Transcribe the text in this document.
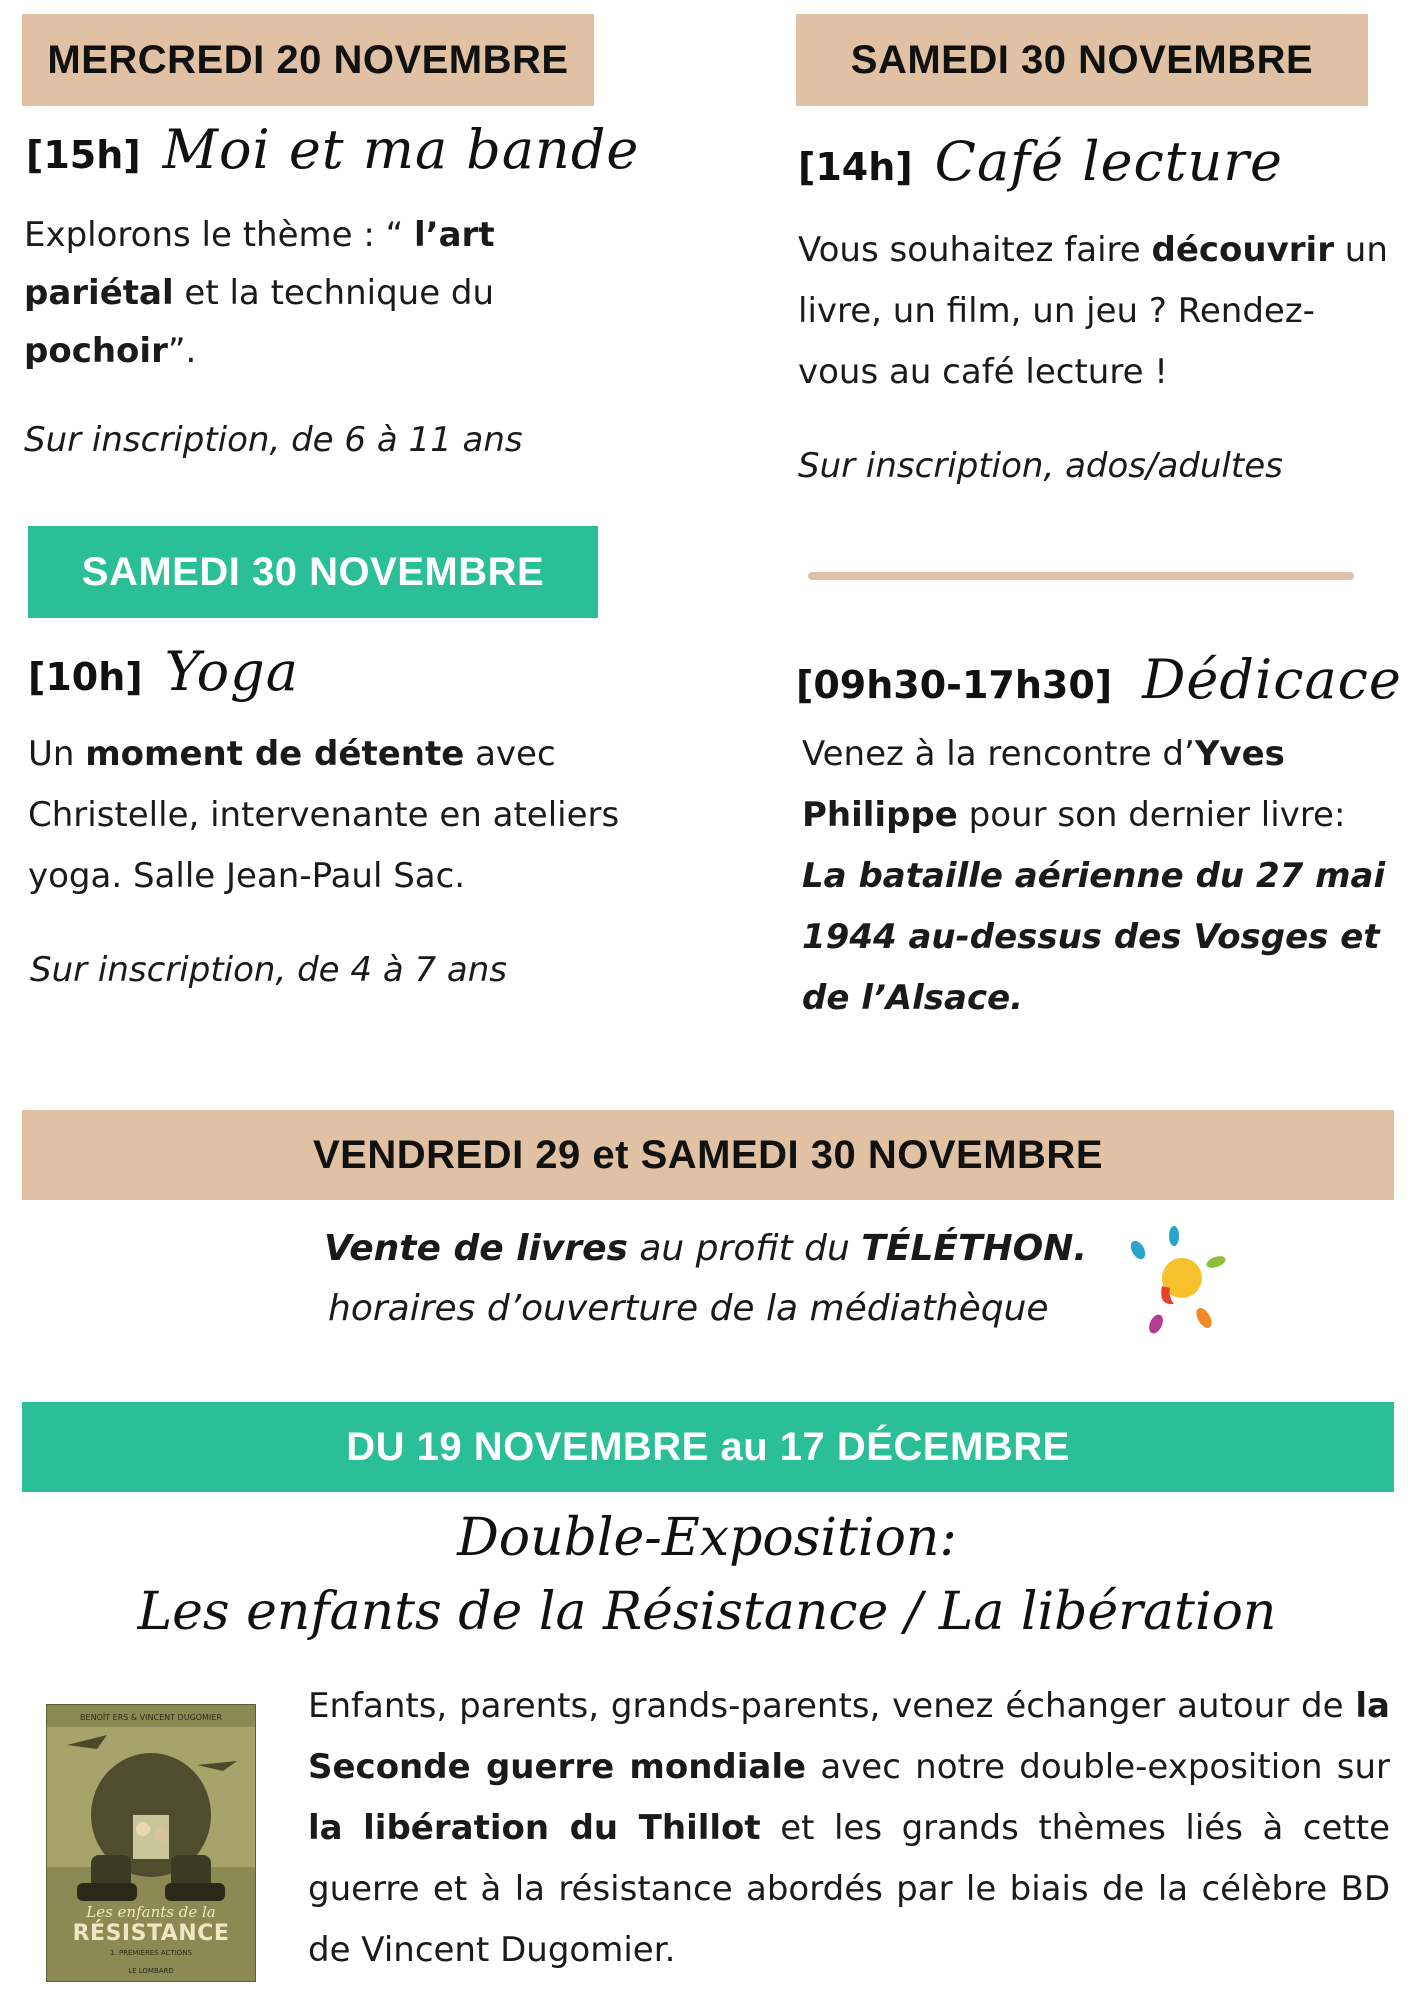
MERCREDI 20 NOVEMBRE
[15h] Moi et ma bande
Explorons le thème : “ l’art pariétal et la technique du pochoir”.
Sur inscription, de 6 à 11 ans
SAMEDI 30 NOVEMBRE
[10h] Yoga
Un moment de détente avec Christelle, intervenante en ateliers yoga. Salle Jean-Paul Sac.
Sur inscription, de 4 à 7 ans
SAMEDI 30 NOVEMBRE
[14h] Café lecture
Vous souhaitez faire découvrir un livre, un film, un jeu ? Rendez-vous au café lecture !
Sur inscription, ados/adultes
[09h30-17h30] Dédicace
Venez à la rencontre d’Yves Philippe pour son dernier livre: La bataille aérienne du 27 mai 1944 au-dessus des Vosges et de l’Alsace.
VENDREDI 29 et SAMEDI 30 NOVEMBRE
Vente de livres au profit du TÉLÉTHON.
horaires d’ouverture de la médiathèque
DU 19 NOVEMBRE au 17 DÉCEMBRE
Double-Exposition:
Les enfants de la Résistance / La libération
BENOÎT ERS & VINCENT DUGOMIER
Les enfants de la
RÉSISTANCE
1. PREMIÈRES ACTIONS
LE LOMBARD
Enfants, parents, grands-parents, venez échanger autour de la Seconde guerre mondiale avec notre double-exposition sur la libération du Thillot et les grands thèmes liés à cette guerre et à la résistance abordés par le biais de la célèbre BD de Vincent Dugomier.
